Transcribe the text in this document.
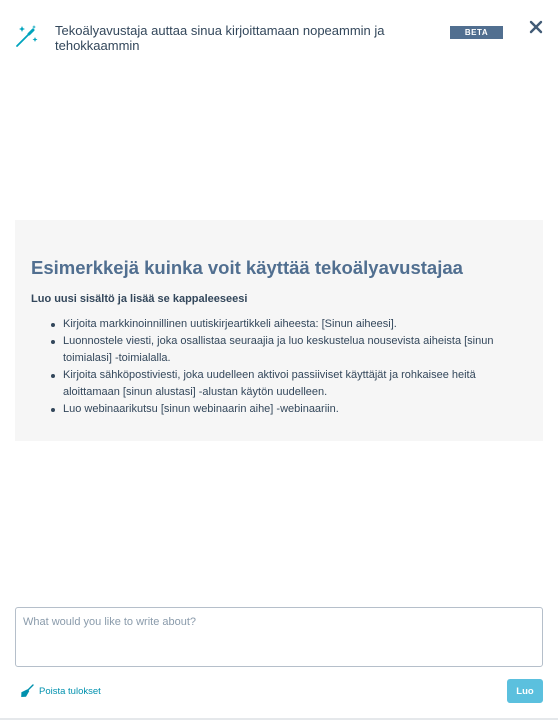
Tekoälyavustaja auttaa sinua kirjoittamaan nopeammin ja tehokkaammin
BETA
Esimerkkejä kuinka voit käyttää tekoälyavustajaa
Luo uusi sisältö ja lisää se kappaleeseesi
Kirjoita markkinoinnillinen uutiskirjeartikkeli aiheesta: [Sinun aiheesi].
Luonnostele viesti, joka osallistaa seuraajia ja luo keskustelua nousevista aiheista [sinun toimialasi] -toimialalla.
Kirjoita sähköpostiviesti, joka uudelleen aktivoi passiiviset käyttäjät ja rohkaisee heitä aloittamaan [sinun alustasi] -alustan käytön uudelleen.
Luo webinaarikutsu [sinun webinaarin aihe] -webinaariin.
What would you like to write about?
Poista tulokset	Luo
